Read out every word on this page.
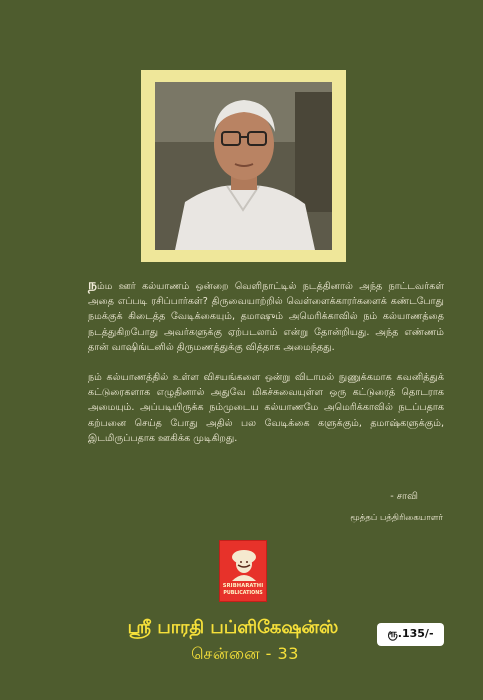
நம்ம ஊர் கல்யாணம் ஒன்றை வெளிநாட்டில் நடத்தினால் அந்த நாட்டவர்கள் அதை எப்படி ரசிப்பார்கள்? திருவையாற்றில் வெள்ளைக்காரர்களைக் கண்டபோது நமக்குக் கிடைத்த வேடிக்கையும், தமாஷும் அமெரிக்காவில் நம் கல்யாணத்தை நடத்துகிறபோது அவர்களுக்கு ஏற்படலாம் என்று தோன்றியது. அந்த எண்ணம் தான் வாஷிங்டனில் திருமணத்துக்கு வித்தாக அமைந்தது.

நம் கல்யாணத்தில் உள்ள விசயங்களை ஒன்று விடாமல் நுணுக்கமாக கவனித்துக் கட்டுரைகளாக எழுதினால் அதுவே மிகச்சுவையுள்ள ஒரு கட்டுரைத் தொடராக அமையும். அப்படியிருக்க நம்முடைய கல்யாணமே அமெரிக்காவில் நடப்பதாக கற்பனை செய்த போது அதில் பல வேடிக்கை களுக்கும், தமாஷ்களுக்கும், இடமிருப்பதாக ஊகிக்க முடிகிறது.

- சாவி
மூத்தப் பத்திரிகையாளர்
SRIBHARATHI
PUBLICATIONS
ஸ்ரீ பாரதி பப்ளிகேஷன்ஸ்
சென்னை - 33
ரூ.135/-
